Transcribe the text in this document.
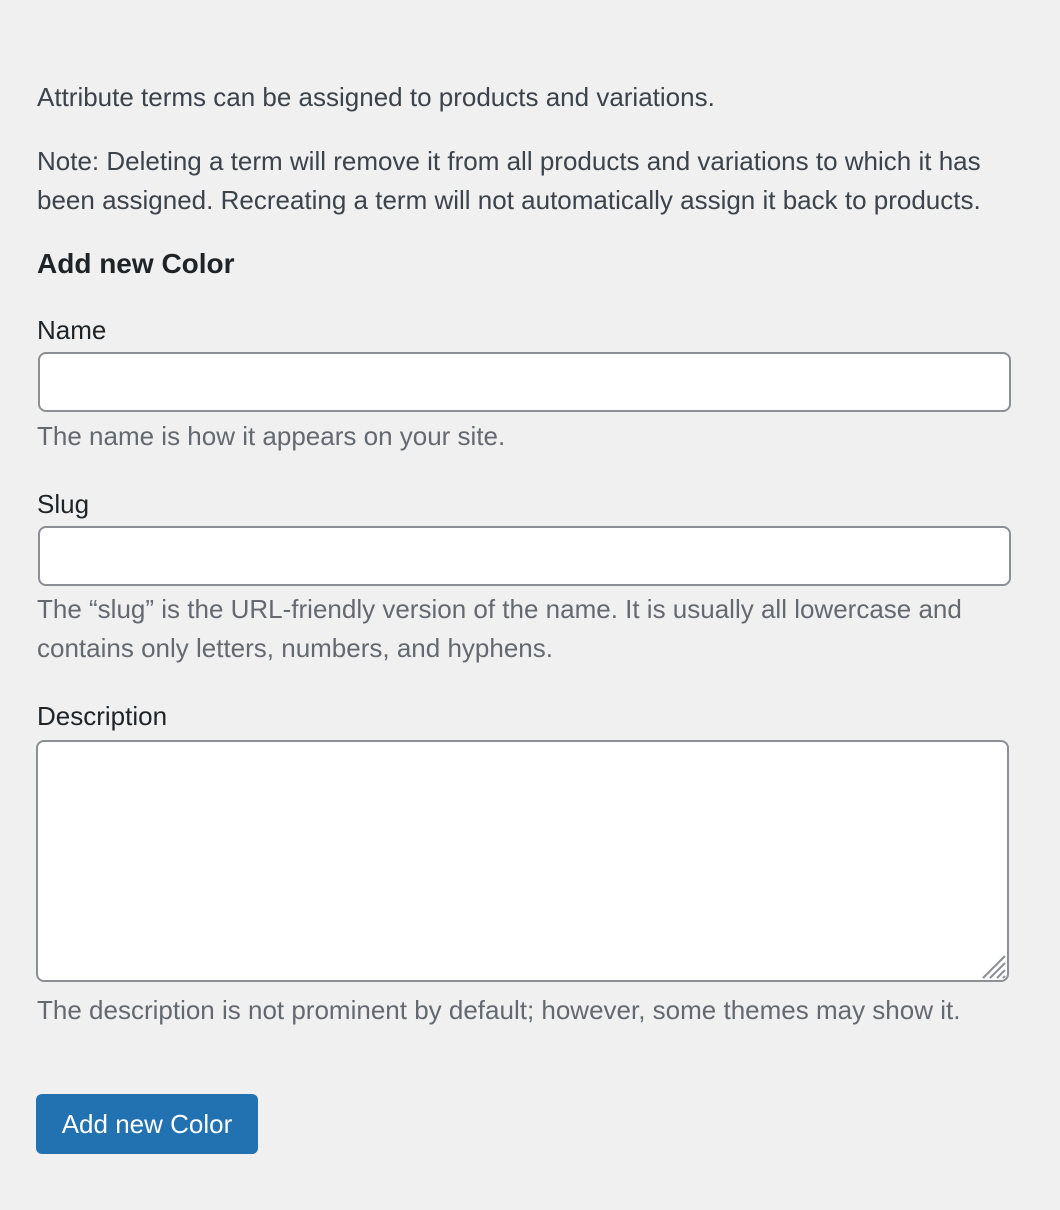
Attribute terms can be assigned to products and variations.

Note: Deleting a term will remove it from all products and variations to which it has been assigned. Recreating a term will not automatically assign it back to products.

Add new Color
Name

The name is how it appears on your site.

Slug

The “slug” is the URL-friendly version of the name. It is usually all lowercase and contains only letters, numbers, and hyphens.

Description

The description is not prominent by default; however, some themes may show it.

Add new Color
